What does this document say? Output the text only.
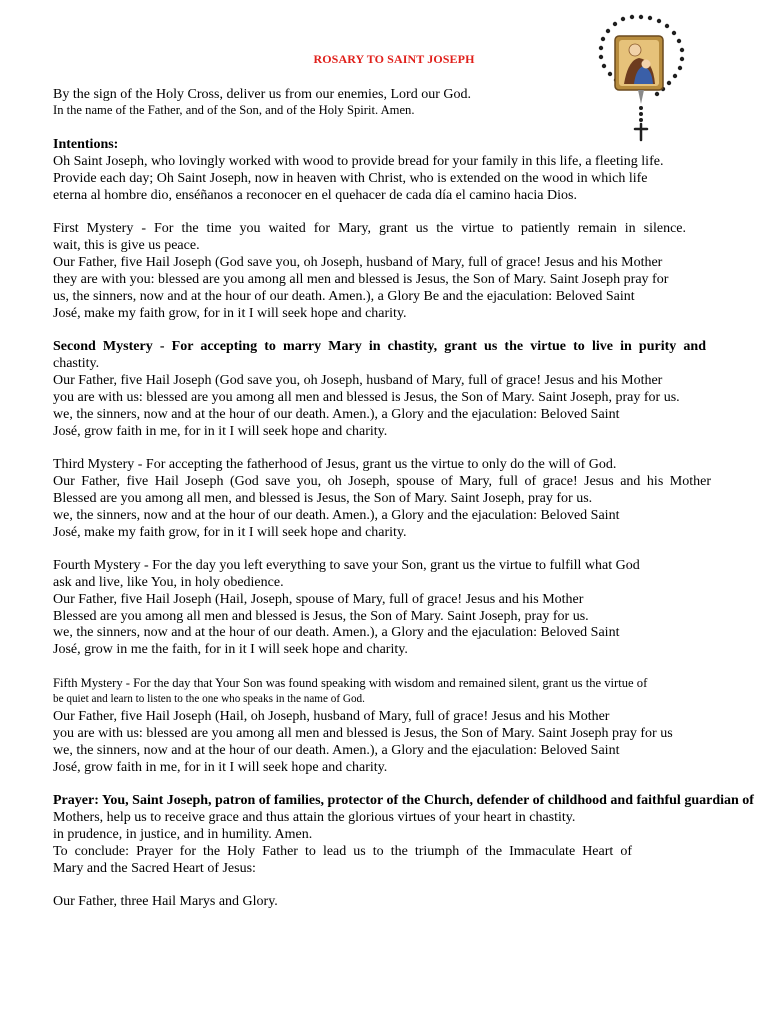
ROSARY TO SAINT JOSEPH
By the sign of the Holy Cross, deliver us from our enemies, Lord our God.
In the name of the Father, and of the Son, and of the Holy Spirit. Amen.
Intentions:
Oh Saint Joseph, who lovingly worked with wood to provide bread for your family in this life, a fleeting life.
Provide each day; Oh Saint Joseph, now in heaven with Christ, who is extended on the wood in which life
eterna al hombre dio, enséñanos a reconocer en el quehacer de cada día el camino hacia Dios.
First Mystery - For the time you waited for Mary, grant us the virtue to patiently remain in silence.
wait, this is give us peace.
Our Father, five Hail Joseph (God save you, oh Joseph, husband of Mary, full of grace! Jesus and his Mother
they are with you: blessed are you among all men and blessed is Jesus, the Son of Mary. Saint Joseph pray for
us, the sinners, now and at the hour of our death. Amen.), a Glory Be and the ejaculation: Beloved Saint
José, make my faith grow, for in it I will seek hope and charity.
Second Mystery - For accepting to marry Mary in chastity, grant us the virtue to live in purity and
chastity.
Our Father, five Hail Joseph (God save you, oh Joseph, husband of Mary, full of grace! Jesus and his Mother
you are with us: blessed are you among all men and blessed is Jesus, the Son of Mary. Saint Joseph, pray for us.
we, the sinners, now and at the hour of our death. Amen.), a Glory and the ejaculation: Beloved Saint
José, grow faith in me, for in it I will seek hope and charity.
Third Mystery - For accepting the fatherhood of Jesus, grant us the virtue to only do the will of God.
Our Father, five Hail Joseph (God save you, oh Joseph, spouse of Mary, full of grace! Jesus and his Mother
Blessed are you among all men, and blessed is Jesus, the Son of Mary. Saint Joseph, pray for us.
we, the sinners, now and at the hour of our death. Amen.), a Glory and the ejaculation: Beloved Saint
José, make my faith grow, for in it I will seek hope and charity.
Fourth Mystery - For the day you left everything to save your Son, grant us the virtue to fulfill what God
ask and live, like You, in holy obedience.
Our Father, five Hail Joseph (Hail, Joseph, spouse of Mary, full of grace! Jesus and his Mother
Blessed are you among all men and blessed is Jesus, the Son of Mary. Saint Joseph, pray for us.
we, the sinners, now and at the hour of our death. Amen.), a Glory and the ejaculation: Beloved Saint
José, grow in me the faith, for in it I will seek hope and charity.
Fifth Mystery - For the day that Your Son was found speaking with wisdom and remained silent, grant us the virtue of
be quiet and learn to listen to the one who speaks in the name of God.
Our Father, five Hail Joseph (Hail, oh Joseph, husband of Mary, full of grace! Jesus and his Mother
you are with us: blessed are you among all men and blessed is Jesus, the Son of Mary. Saint Joseph pray for us
we, the sinners, now and at the hour of our death. Amen.), a Glory and the ejaculation: Beloved Saint
José, grow faith in me, for in it I will seek hope and charity.
Prayer: You, Saint Joseph, patron of families, protector of the Church, defender of childhood and faithful guardian of
Mothers, help us to receive grace and thus attain the glorious virtues of your heart in chastity.
in prudence, in justice, and in humility. Amen.
To conclude: Prayer for the Holy Father to lead us to the triumph of the Immaculate Heart of
Mary and the Sacred Heart of Jesus:
Our Father, three Hail Marys and Glory.
